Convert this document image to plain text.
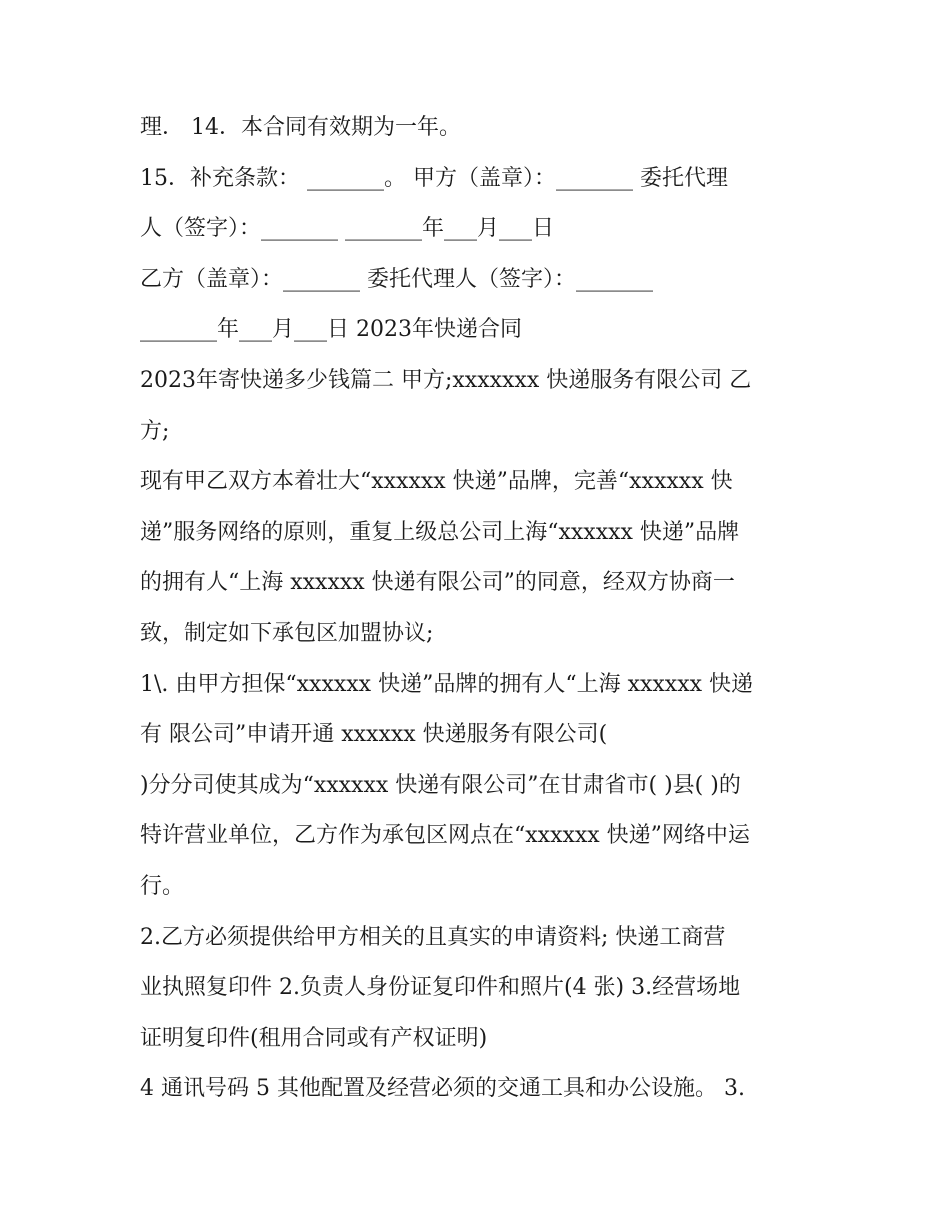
理． 14．本合同有效期为一年。

15．补充条款： _______。 甲方（盖章）：_______ 委托代理

人（签字）：_______ _______年___月___日

乙方（盖章）：_______ 委托代理人（签字）：_______

_______年___月___日 2023年快递合同

2023年寄快递多少钱篇二 甲方;xxxxxxx 快递服务有限公司 乙

方;

现有甲乙双方本着壮大“xxxxxx 快递”品牌，完善“xxxxxx 快

递”服务网络的原则，重复上级总公司上海“xxxxxx 快递”品牌

的拥有人“上海 xxxxxx 快递有限公司”的同意，经双方协商一

致，制定如下承包区加盟协议;

1\. 由甲方担保“xxxxxx 快递”品牌的拥有人“上海 xxxxxx 快递

有 限公司”申请开通 xxxxxx 快递服务有限公司(

)分分司使其成为“xxxxxx 快递有限公司”在甘肃省市( )县( )的

特许营业单位，乙方作为承包区网点在“xxxxxx 快递”网络中运

行。

2.乙方必须提供给甲方相关的且真实的申请资料; 快递工商营

业执照复印件 2.负责人身份证复印件和照片(4 张) 3.经营场地

证明复印件(租用合同或有产权证明)

4 通讯号码 5 其他配置及经营必须的交通工具和办公设施。 3.
